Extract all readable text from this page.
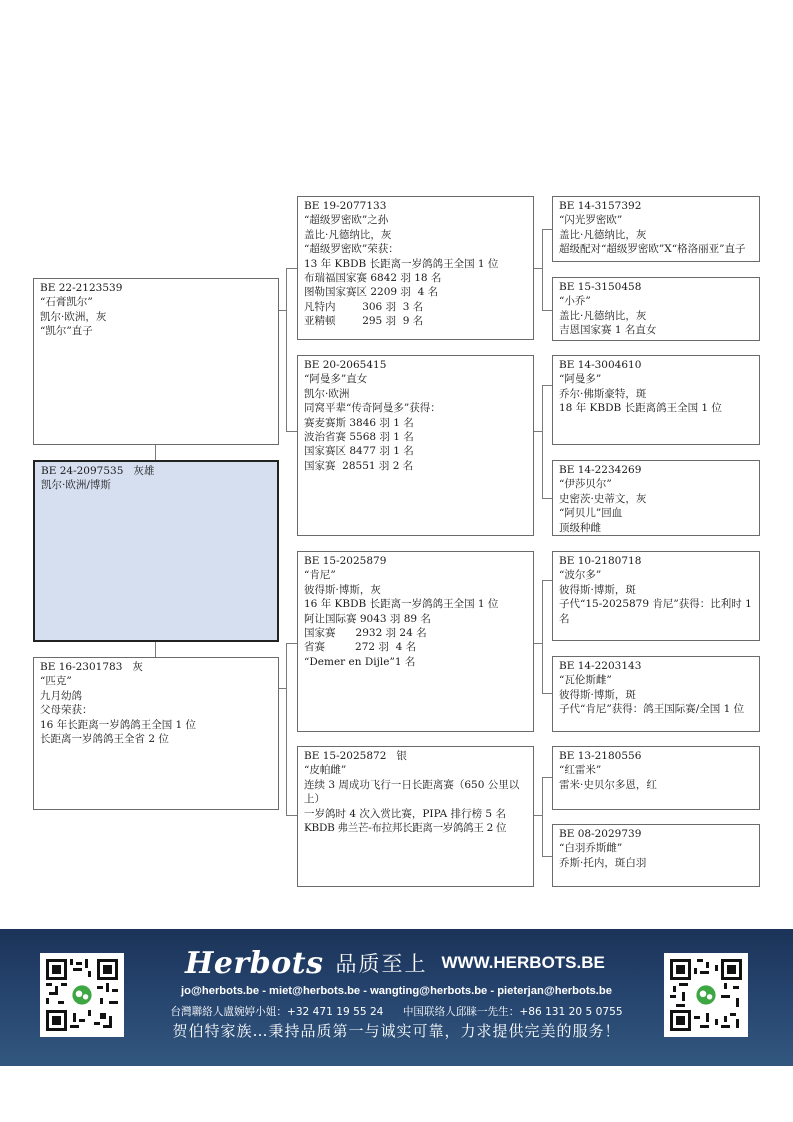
BE 22-2123539
“石膏凯尔”
凯尔·欧洲，灰
“凯尔”直子
BE 24-2097535   灰雄
凯尔·欧洲/博斯
BE 16-2301783   灰
“匹克”
九月幼鸽
父母荣获：
16 年长距离一岁鸽鸽王全国 1 位
长距离一岁鸽鸽王全省 2 位
BE 19-2077133
“超级罗密欧”之孙
盖比·凡德纳比，灰
“超级罗密欧”荣获：
13 年 KBDB 长距离一岁鸽鸽王全国 1 位
布瑞福国家赛 6842 羽 18 名
图勒国家赛区 2209 羽  4 名
凡特内        306 羽  3 名
亚精顿        295 羽  9 名
BE 20-2065415
“阿曼多”直女
凯尔·欧洲
同窝平辈“传奇阿曼多”获得：
赛麦赛斯 3846 羽 1 名
波治省赛 5568 羽 1 名
国家赛区 8477 羽 1 名
国家赛  28551 羽 2 名
BE 15-2025879
“肯尼”
彼得斯·博斯，灰
16 年 KBDB 长距离一岁鸽鸽王全国 1 位
阿让国际赛 9043 羽 89 名
国家赛      2932 羽 24 名
省赛         272 羽  4 名
“Demer en Dijle”1 名
BE 15-2025872   银
“皮帕雌”
连续 3 周成功飞行一日长距离赛（650 公里以上）
一岁鸽时 4 次入赏比赛，PIPA 排行榜 5 名
KBDB 弗兰芒-布拉邦长距离一岁鸽鸽王 2 位
BE 14-3157392
“闪光罗密欧”
盖比·凡德纳比，灰
超级配对“超级罗密欧”X“格洛丽亚”直子
BE 15-3150458
“小乔”
盖比·凡德纳比，灰
吉恩国家赛 1 名直女
BE 14-3004610
“阿曼多”
乔尔·佛斯豪特，斑
18 年 KBDB 长距离鸽王全国 1 位
BE 14-2234269
“伊莎贝尔”
史密茨·史蒂文，灰
“阿贝儿”回血
顶级种雌
BE 10-2180718
“波尔多”
彼得斯·博斯，斑
子代“15-2025879 肯尼”获得：比利时 1 名
BE 14-2203143
“瓦伦斯雌”
彼得斯·博斯，斑
子代“肯尼”获得：鸽王国际赛/全国 1 位
BE 13-2180556
“红雷米”
雷米·史贝尔多恩，红
BE 08-2029739
“白羽乔斯雌”
乔斯·托内，斑白羽
Herbots 品质至上 WWW.HERBOTS.BE
jo@herbots.be - miet@herbots.be - wangting@herbots.be - pieterjan@herbots.be
台灣聯絡人盧婉婷小姐：+32 471 19 55 24 中国联络人邱睐一先生：+86 131 20 5 0755
贺伯特家族…秉持品质第一与诚实可靠，力求提供完美的服务！
